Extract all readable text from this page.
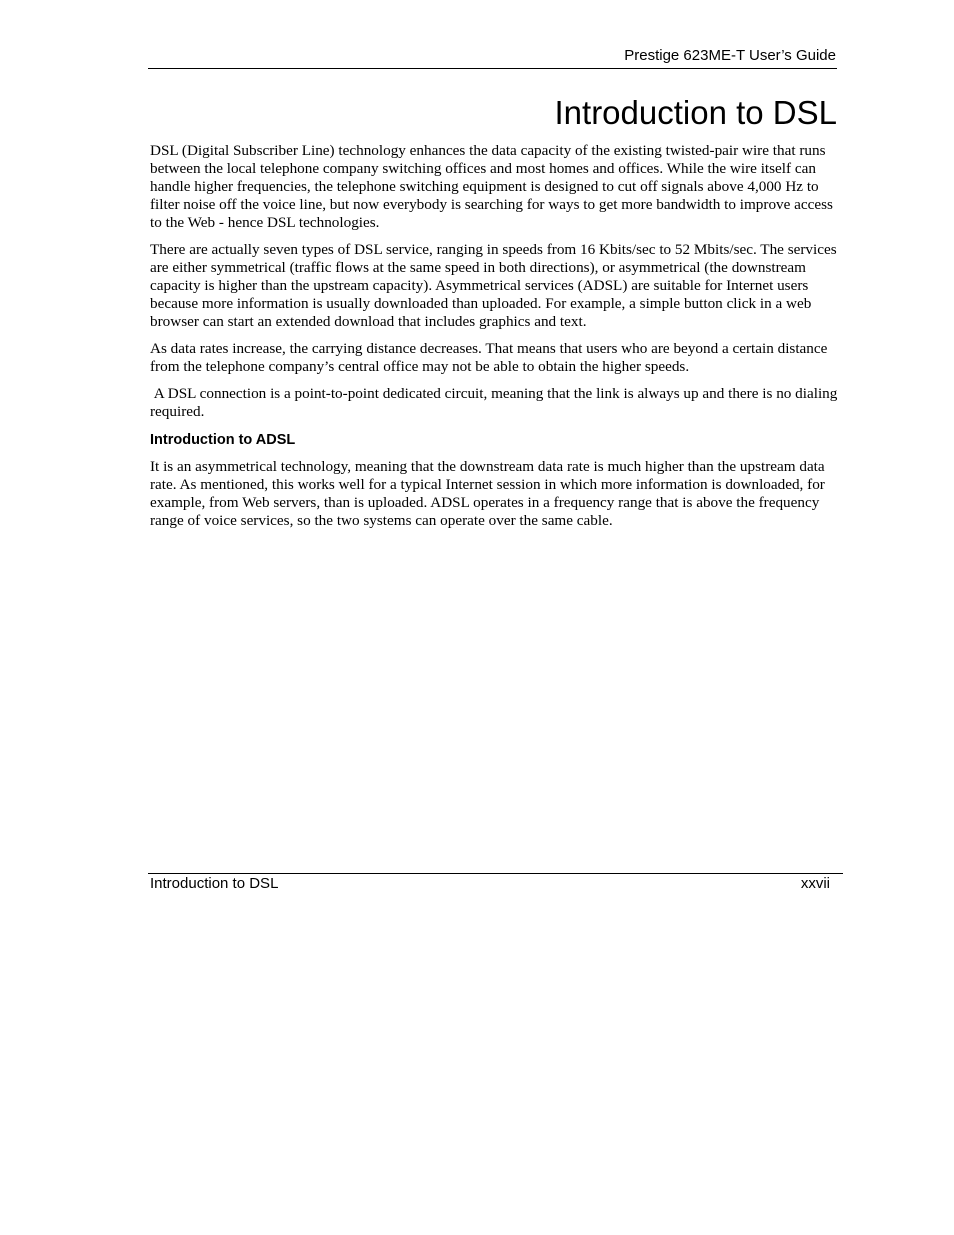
Prestige 623ME-T User’s Guide
Introduction to DSL

DSL (Digital Subscriber Line) technology enhances the data capacity of the existing twisted-pair wire that runs between the local telephone company switching offices and most homes and offices. While the wire itself can handle higher frequencies, the telephone switching equipment is designed to cut off signals above 4,000 Hz to filter noise off the voice line, but now everybody is searching for ways to get more bandwidth to improve access to the Web - hence DSL technologies.

There are actually seven types of DSL service, ranging in speeds from 16 Kbits/sec to 52 Mbits/sec. The services are either symmetrical (traffic flows at the same speed in both directions), or asymmetrical (the downstream capacity is higher than the upstream capacity). Asymmetrical services (ADSL) are suitable for Internet users because more information is usually downloaded than uploaded. For example, a simple button click in a web browser can start an extended download that includes graphics and text.

As data rates increase, the carrying distance decreases. That means that users who are beyond a certain distance from the telephone company’s central office may not be able to obtain the higher speeds.

A DSL connection is a point-to-point dedicated circuit, meaning that the link is always up and there is no dialing required.

Introduction to ADSL

It is an asymmetrical technology, meaning that the downstream data rate is much higher than the upstream data rate. As mentioned, this works well for a typical Internet session in which more information is downloaded, for example, from Web servers, than is uploaded. ADSL operates in a frequency range that is above the frequency range of voice services, so the two systems can operate over the same cable.

Introduction to DSL	xxvii
